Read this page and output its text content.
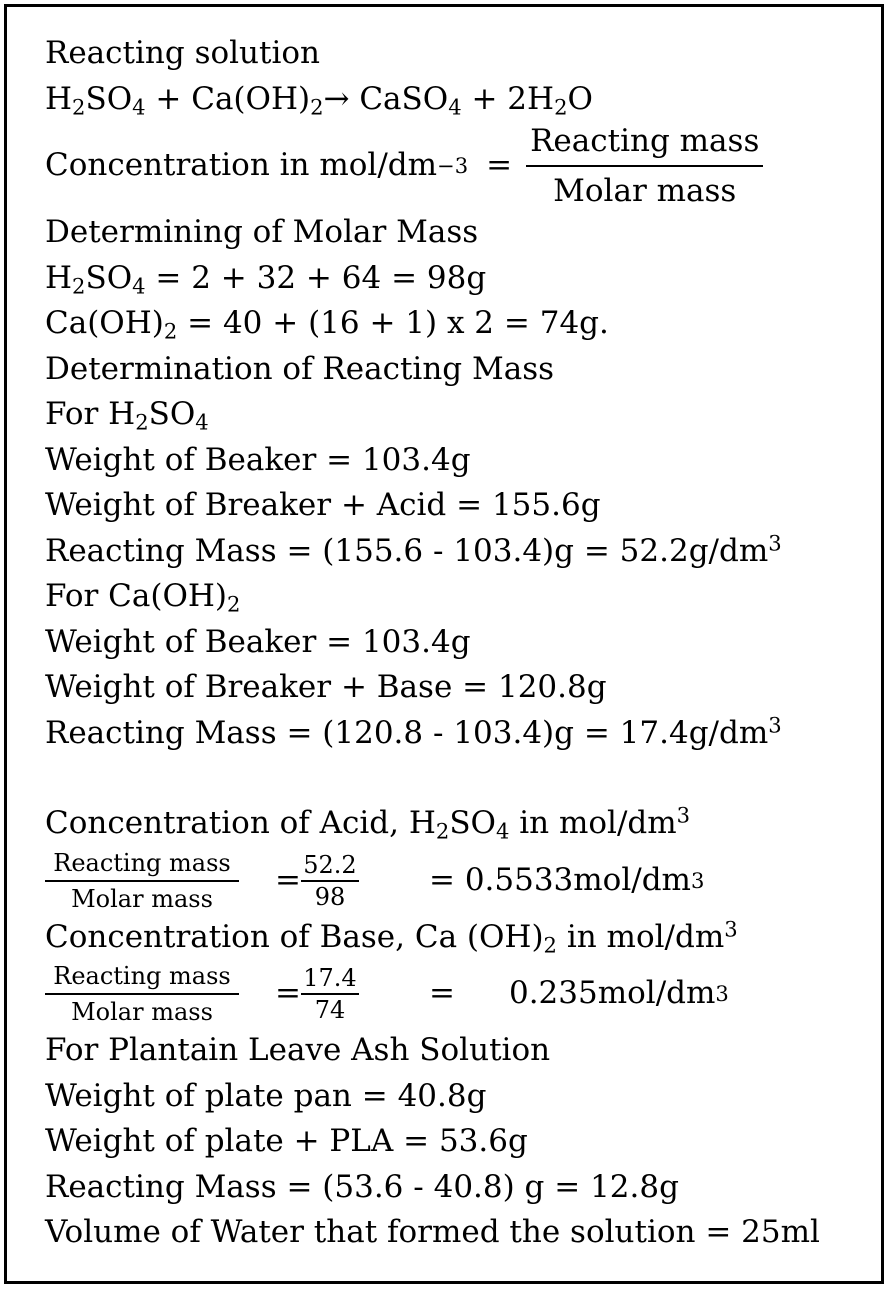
Reacting solution
$H_2SO_4 + Ca(OH)_2\to$ CaSO$_4$ + $2H_2O$
Concentration in $mol/dm -3 = \frac{\text{Reacting mass}}{\text{Molar mass}}$
Determining of Molar Mass
$H_2SO_4 = 2 + 32 + 64 = 98g$
$Ca(OH)_2 = 40 + (16 + 1)$ x 2 = 74g.
Determination of Reacting Mass
For $H_2SO_4$
Weight of Beaker = 103.4g
Weight of Breaker + Acid = 155.6g
Reacting Mass = $(155.6 - 103.4)g = 52.2g/dm^3$
For $Ca(OH)_2$
Weight of Beaker = 103.4g
Weight of Breaker + Base = 120.8g
Reacting Mass = $(120.8 - 103.4)g = 17.4g/dm^3$
Concentration of Acid, $H_2SO_4$ in mol/$dm^3$
$\frac{\text{Reacting mass}}{\text{Molar mass}} = \frac{52.2}{98} = 0.5533mol/dm$ 3
Concentration of Base, Ca $(OH)_2$ in mol/$dm^3$
$\frac{\text{Reacting mass}}{\text{Molar mass}} = \frac{17.4}{74} = 0.235mol/dm$ 3
For Plantain Leave Ash Solution
Weight of plate pan = 40.8g
Weight of plate + PLA = 53.6g
Reacting Mass = (53.6 - 40.8) g = 12.8g
Volume of Water that formed the solution = 25ml
